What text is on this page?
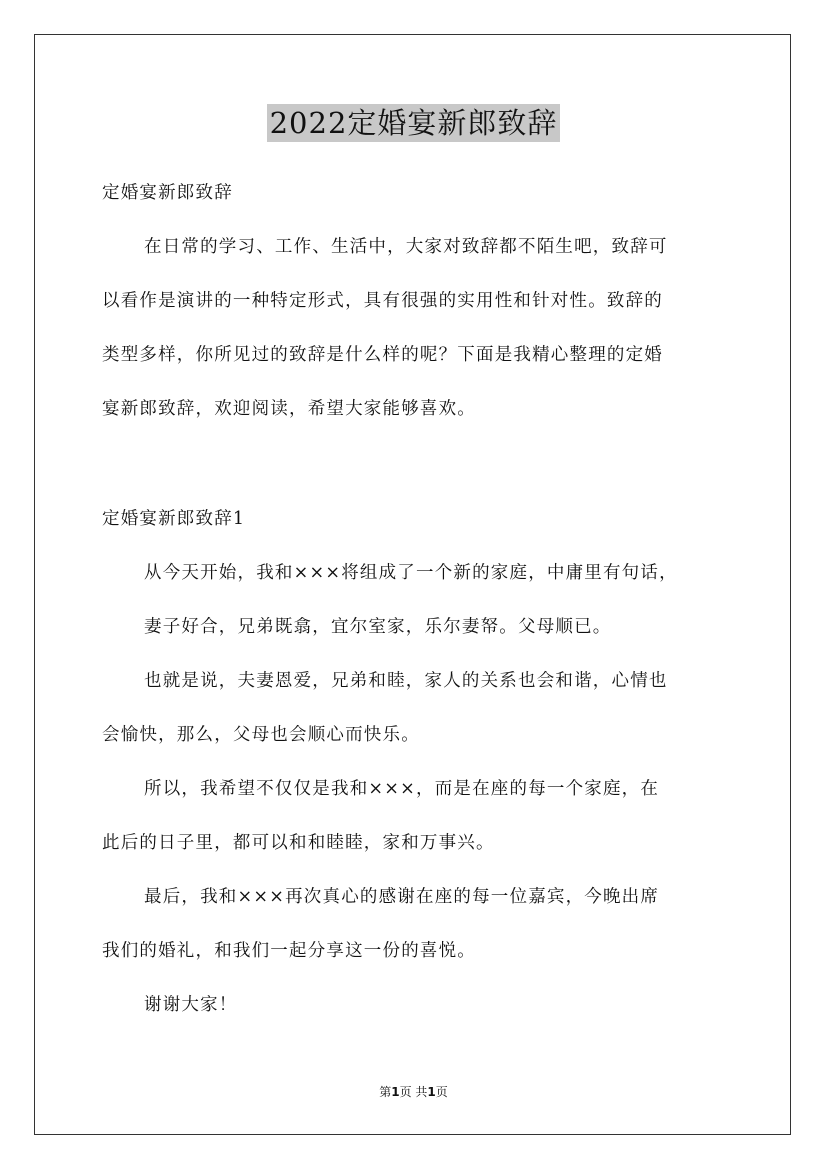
2022定婚宴新郎致辞
定婚宴新郎致辞
在日常的学习、工作、生活中，大家对致辞都不陌生吧，致辞可
以看作是演讲的一种特定形式，具有很强的实用性和针对性。致辞的
类型多样，你所见过的致辞是什么样的呢？下面是我精心整理的定婚
宴新郎致辞，欢迎阅读，希望大家能够喜欢。
定婚宴新郎致辞1
从今天开始，我和×××将组成了一个新的家庭，中庸里有句话，
妻子好合，兄弟既翕，宜尔室家，乐尔妻帑。父母顺已。
也就是说，夫妻恩爱，兄弟和睦，家人的关系也会和谐，心情也
会愉快，那么，父母也会顺心而快乐。
所以，我希望不仅仅是我和×××，而是在座的每一个家庭，在
此后的日子里，都可以和和睦睦，家和万事兴。
最后，我和×××再次真心的感谢在座的每一位嘉宾，今晚出席
我们的婚礼，和我们一起分享这一份的喜悦。
谢谢大家！
第1页 共1页
